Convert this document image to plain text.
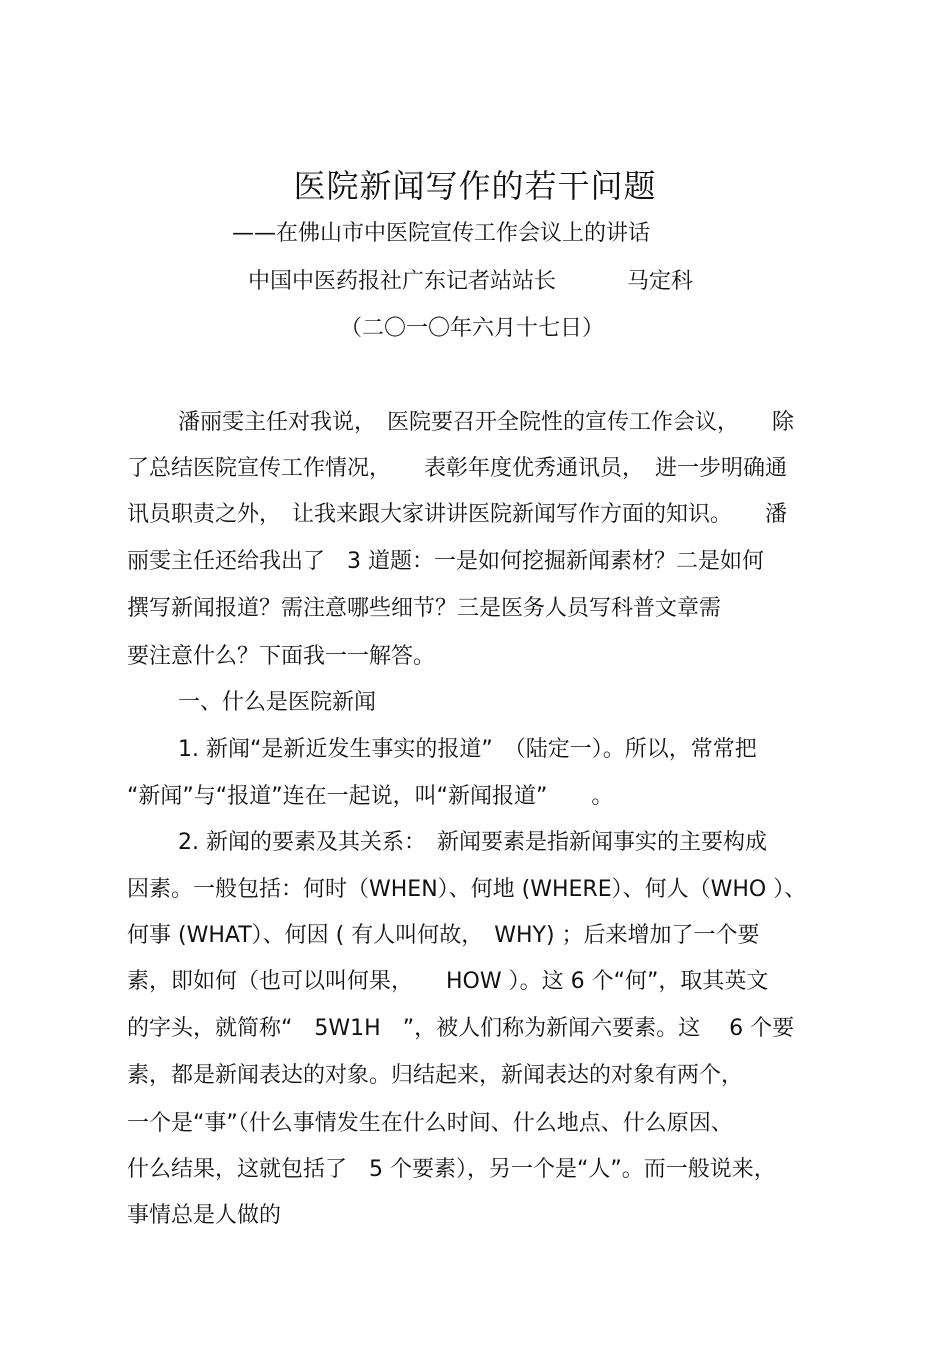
医院新闻写作的若干问题
——在佛山市中医院宣传工作会议上的讲话
中国中医药报社广东记者站站长	马定科
（二〇一〇年六月十七日）
潘丽雯主任对我说，　医院要召开全院性的宣传工作会议，　　除
了总结医院宣传工作情况，　　表彰年度优秀通讯员，　进一步明确通
讯员职责之外，　让我来跟大家讲讲医院新闻写作方面的知识。　　潘
丽雯主任还给我出了　3 道题：一是如何挖掘新闻素材？二是如何
撰写新闻报道？需注意哪些细节？三是医务人员写科普文章需
要注意什么？下面我一一解答。
一、什么是医院新闻
1. 新闻“是新近发生事实的报道”　（陆定一）。所以，常常把
“新闻”与“报道”连在一起说，叫“新闻报道”　　。
2. 新闻的要素及其关系：　新闻要素是指新闻事实的主要构成
因素。一般包括：何时（WHEN）、何地 (WHERE）、何人（WHO ）、
何事 (WHAT）、何因 ( 有人叫何故，　WHY) ；后来增加了一个要
素，即如何（也可以叫何果，　　HOW ）。这 6 个“何”，取其英文
的字头，就简称“　5W1H　”，被人们称为新闻六要素。这　 6 个要
素，都是新闻表达的对象。归结起来，新闻表达的对象有两个，
一个是“事”（什么事情发生在什么时间、什么地点、什么原因、
什么结果，这就包括了　5 个要素），另一个是“人”。而一般说来，
事情总是人做的
